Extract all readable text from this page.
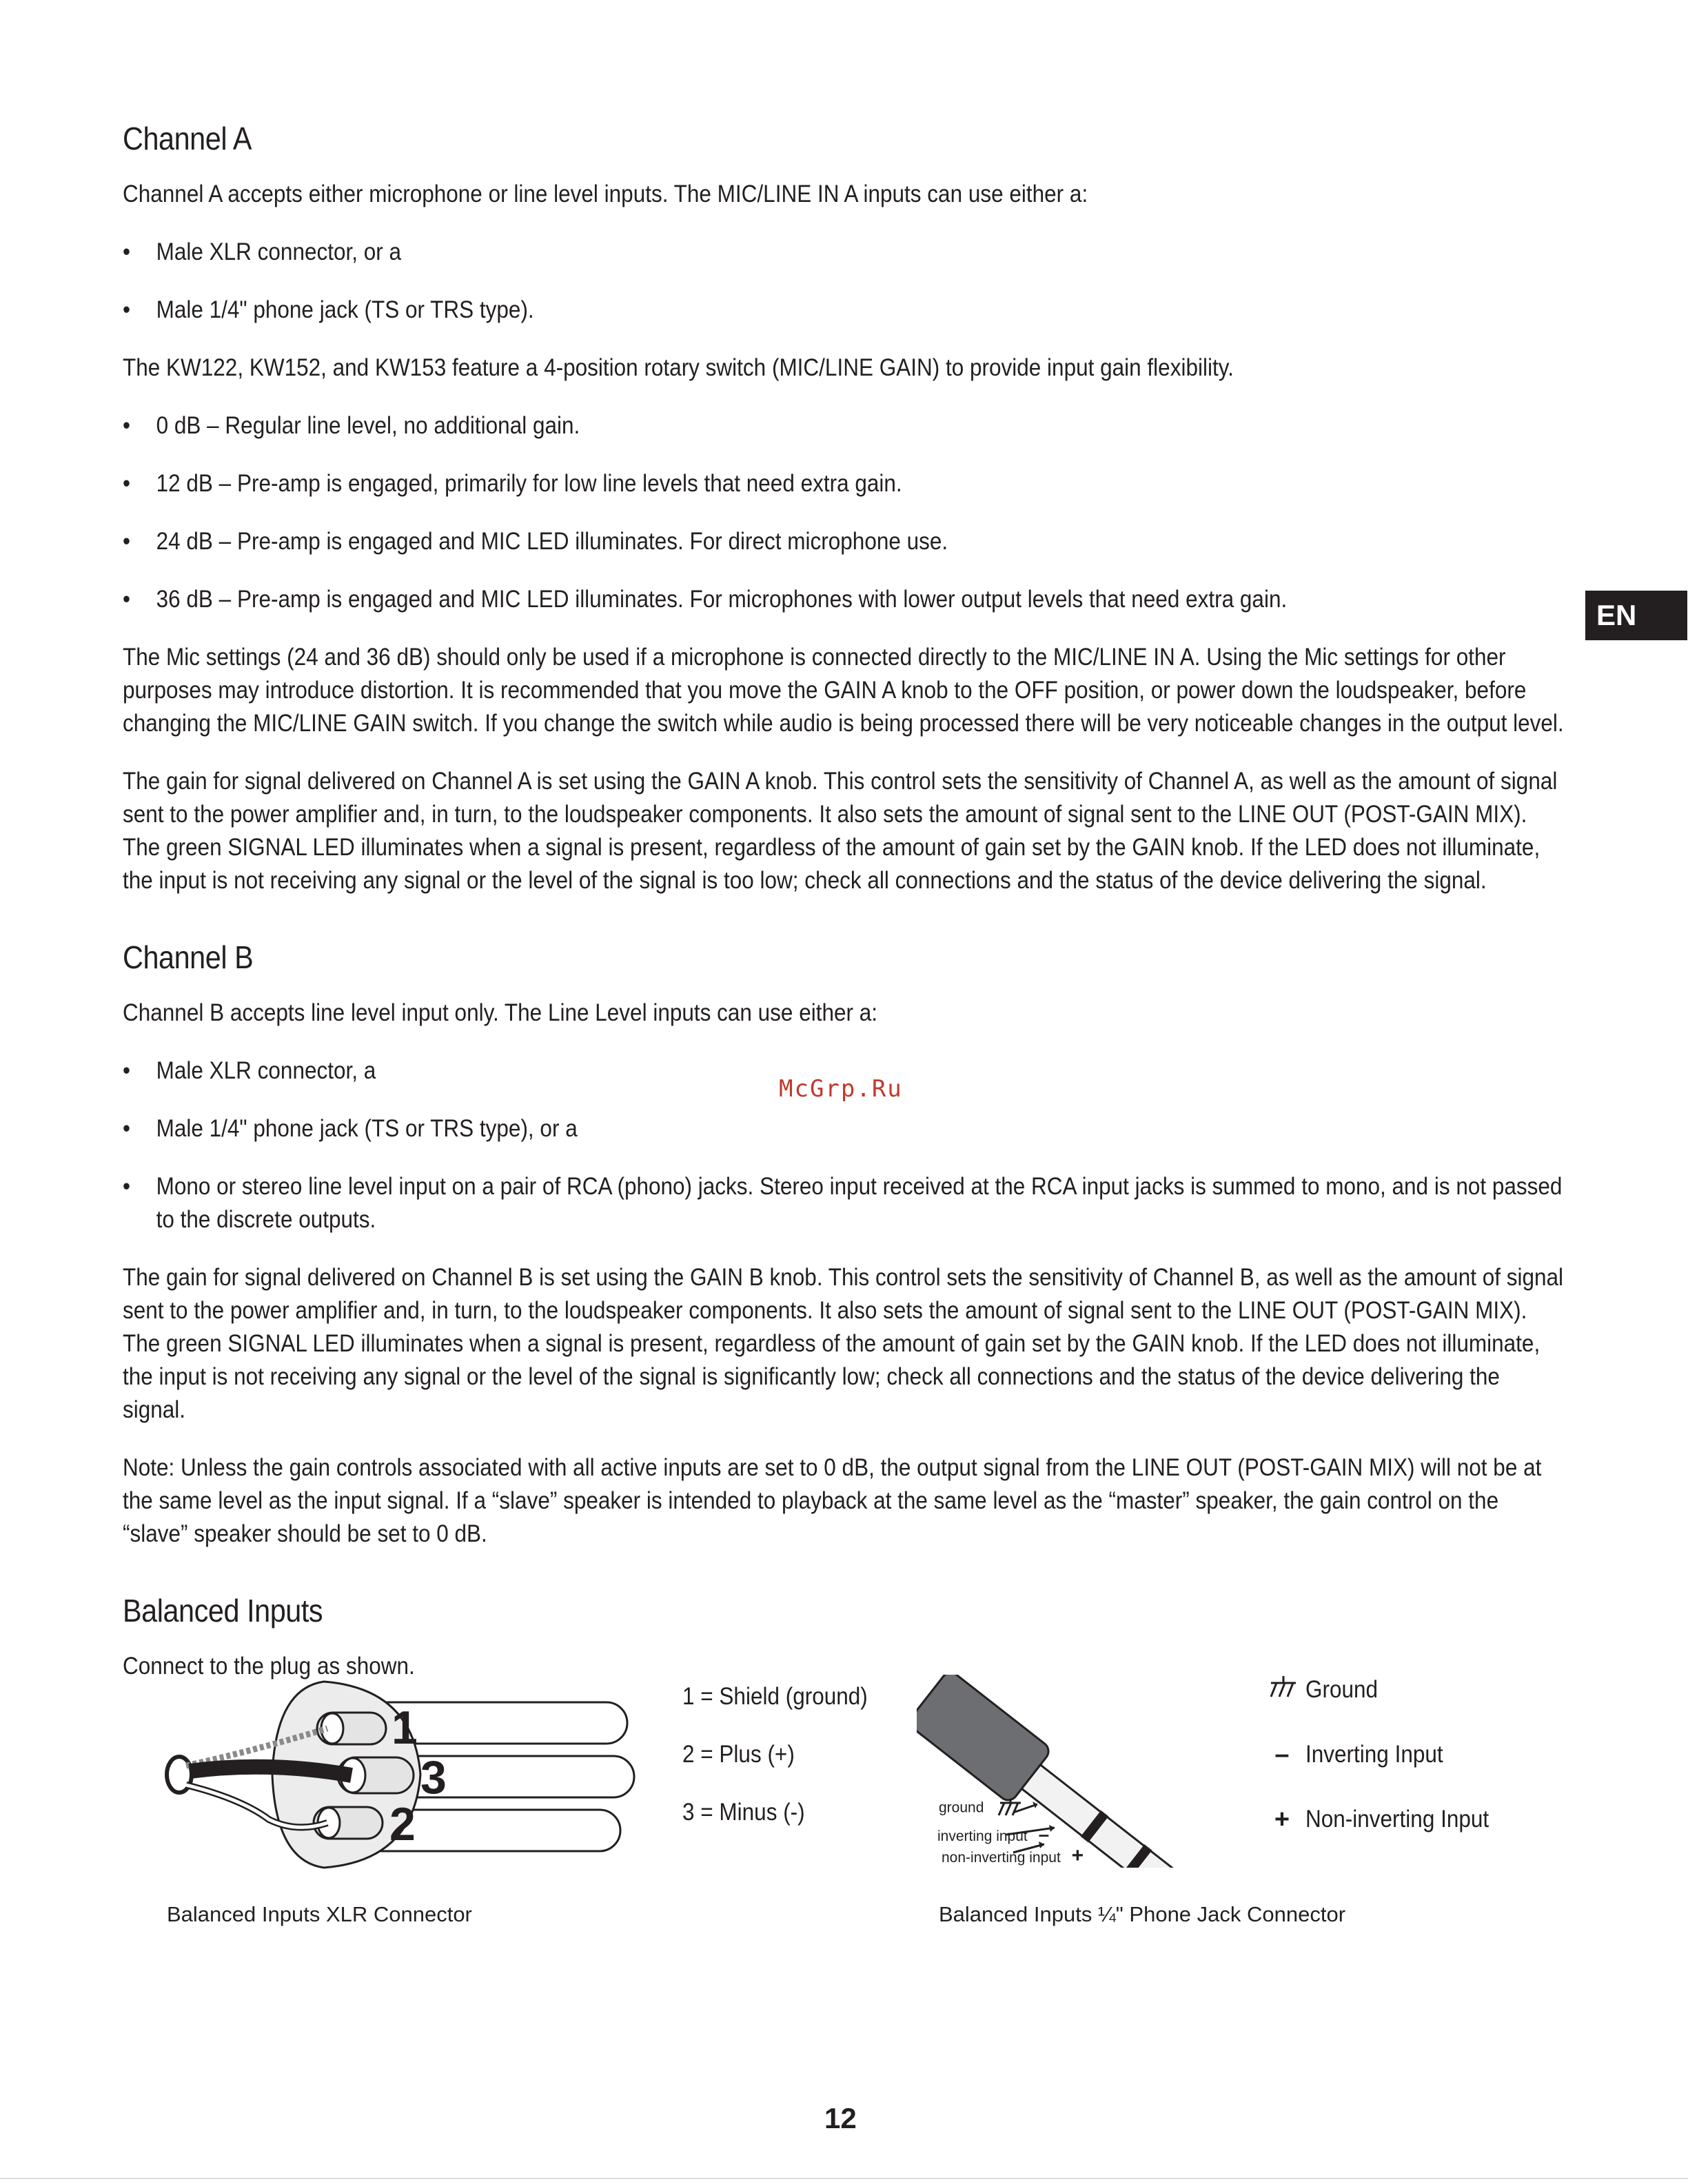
EN
McGrp.Ru
Channel A

Channel A accepts either microphone or line level inputs. The MIC/LINE IN A inputs can use either a:

• Male XLR connector, or a
• Male 1/4" phone jack (TS or TRS type).

The KW122, KW152, and KW153 feature a 4-position rotary switch (MIC/LINE GAIN) to provide input gain flexibility.

• 0 dB – Regular line level, no additional gain.
• 12 dB – Pre-amp is engaged, primarily for low line levels that need extra gain.
• 24 dB – Pre-amp is engaged and MIC LED illuminates. For direct microphone use.
• 36 dB – Pre-amp is engaged and MIC LED illuminates. For microphones with lower output levels that need extra gain.

The Mic settings (24 and 36 dB) should only be used if a microphone is connected directly to the MIC/LINE IN A. Using the Mic settings for other purposes may introduce distortion. It is recommended that you move the GAIN A knob to the OFF position, or power down the loudspeaker, before changing the MIC/LINE GAIN switch. If you change the switch while audio is being processed there will be very noticeable changes in the output level.

The gain for signal delivered on Channel A is set using the GAIN A knob. This control sets the sensitivity of Channel A, as well as the amount of signal sent to the power amplifier and, in turn, to the loudspeaker components. It also sets the amount of signal sent to the LINE OUT (POST-GAIN MIX). The green SIGNAL LED illuminates when a signal is present, regardless of the amount of gain set by the GAIN knob. If the LED does not illuminate, the input is not receiving any signal or the level of the signal is too low; check all connections and the status of the device delivering the signal.

Channel B

Channel B accepts line level input only. The Line Level inputs can use either a:

• Male XLR connector, a
• Male 1/4" phone jack (TS or TRS type), or a
• Mono or stereo line level input on a pair of RCA (phono) jacks. Stereo input received at the RCA input jacks is summed to mono, and is not passed to the discrete outputs.

The gain for signal delivered on Channel B is set using the GAIN B knob. This control sets the sensitivity of Channel B, as well as the amount of signal sent to the power amplifier and, in turn, to the loudspeaker components. It also sets the amount of signal sent to the LINE OUT (POST-GAIN MIX). The green SIGNAL LED illuminates when a signal is present, regardless of the amount of gain set by the GAIN knob. If the LED does not illuminate, the input is not receiving any signal or the level of the signal is significantly low; check all connections and the status of the device delivering the signal.

Note: Unless the gain controls associated with all active inputs are set to 0 dB, the output signal from the LINE OUT (POST-GAIN MIX) will not be at the same level as the input signal. If a “slave” speaker is intended to playback at the same level as the “master” speaker, the gain control on the “slave” speaker should be set to 0 dB.

Balanced Inputs

Connect to the plug as shown.

1
3
2
1 = Shield (ground)
2 = Plus (+)
3 = Minus (-)	ground
inverting input –
non-inverting input +
Ground
– Inverting Input
+ Non-inverting Input
Balanced Inputs XLR Connector	Balanced Inputs ¼" Phone Jack Connector
12
